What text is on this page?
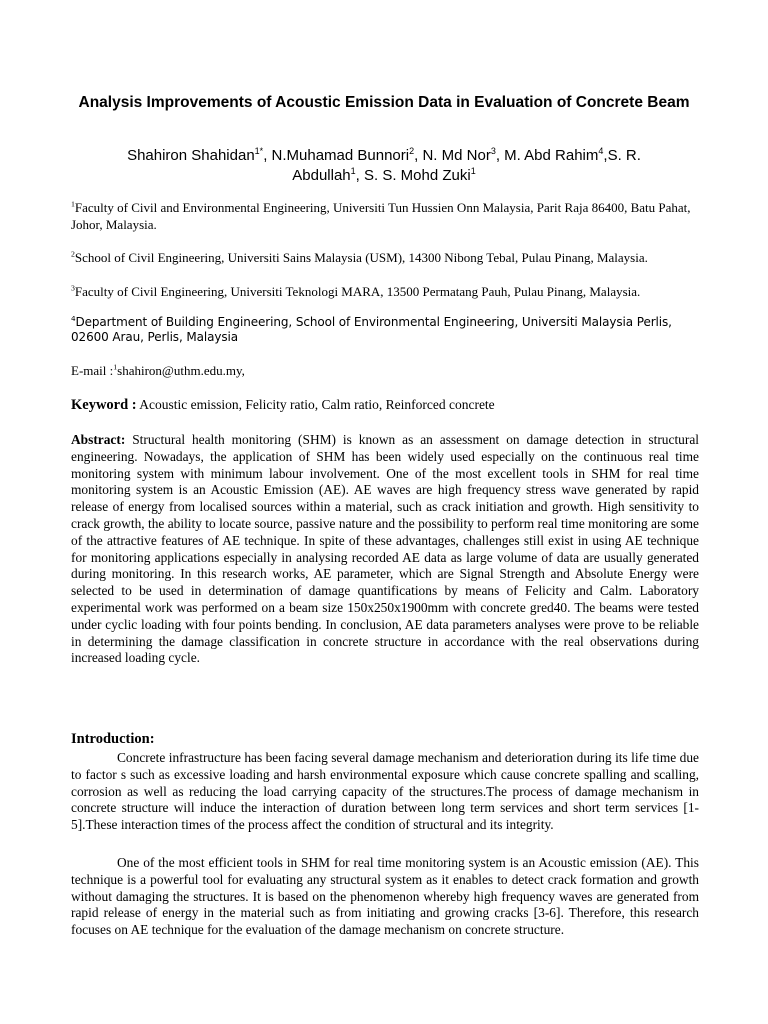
Analysis Improvements of Acoustic Emission Data in Evaluation of Concrete Beam
Shahiron Shahidan$^{1*}$, N.Muhamad Bunnori$^2$, N. Md Nor$^3$, M. Abd Rahim$^4$,S. R.
Abdullah$^1$, S. S. Mohd Zuki$^1$
$^1$Faculty of Civil and Environmental Engineering, Universiti Tun Hussien Onn Malaysia, Parit Raja 86400, Batu Pahat, Johor, Malaysia.
$^2$School of Civil Engineering, Universiti Sains Malaysia (USM), 14300 Nibong Tebal, Pulau Pinang, Malaysia.
$^3$Faculty of Civil Engineering, Universiti Teknologi MARA, 13500 Permatang Pauh, Pulau Pinang, Malaysia.
$^4$Department of Building Engineering, School of Environmental Engineering, Universiti Malaysia Perlis, 02600 Arau, Perlis, Malaysia
E-mail :$^1$shahiron@uthm.edu.my,
Keyword : Acoustic emission, Felicity ratio, Calm ratio, Reinforced concrete

Abstract: Structural health monitoring (SHM) is known as an assessment on damage detection in structural engineering. Nowadays, the application of SHM has been widely used especially on the continuous real time monitoring system with minimum labour involvement. One of the most excellent tools in SHM for real time monitoring system is an Acoustic Emission (AE). AE waves are high frequency stress wave generated by rapid release of energy from localised sources within a material, such as crack initiation and growth. High sensitivity to crack growth, the ability to locate source, passive nature and the possibility to perform real time monitoring are some of the attractive features of AE technique. In spite of these advantages, challenges still exist in using AE technique for monitoring applications especially in analysing recorded AE data as large volume of data are usually generated during monitoring. In this research works, AE parameter, which are Signal Strength and Absolute Energy were selected to be used in determination of damage quantifications by means of Felicity and Calm. Laboratory experimental work was performed on a beam size 150x250x1900mm with concrete gred40. The beams were tested under cyclic loading with four points bending. In conclusion, AE data parameters analyses were prove to be reliable in determining the damage classification in concrete structure in accordance with the real observations during increased loading cycle.

Introduction:

Concrete infrastructure has been facing several damage mechanism and deterioration during its life time due to factor s such as excessive loading and harsh environmental exposure which cause concrete spalling and scalling, corrosion as well as reducing the load carrying capacity of the structures.The process of damage mechanism in concrete structure will induce the interaction of duration between long term services and short term services [1-5].These interaction times of the process affect the condition of structural and its integrity.

One of the most efficient tools in SHM for real time monitoring system is an Acoustic emission (AE). This technique is a powerful tool for evaluating any structural system as it enables to detect crack formation and growth without damaging the structures. It is based on the phenomenon whereby high frequency waves are generated from rapid release of energy in the material such as from initiating and growing cracks [3-6]. Therefore, this research focuses on AE technique for the evaluation of the damage mechanism on concrete structure.
